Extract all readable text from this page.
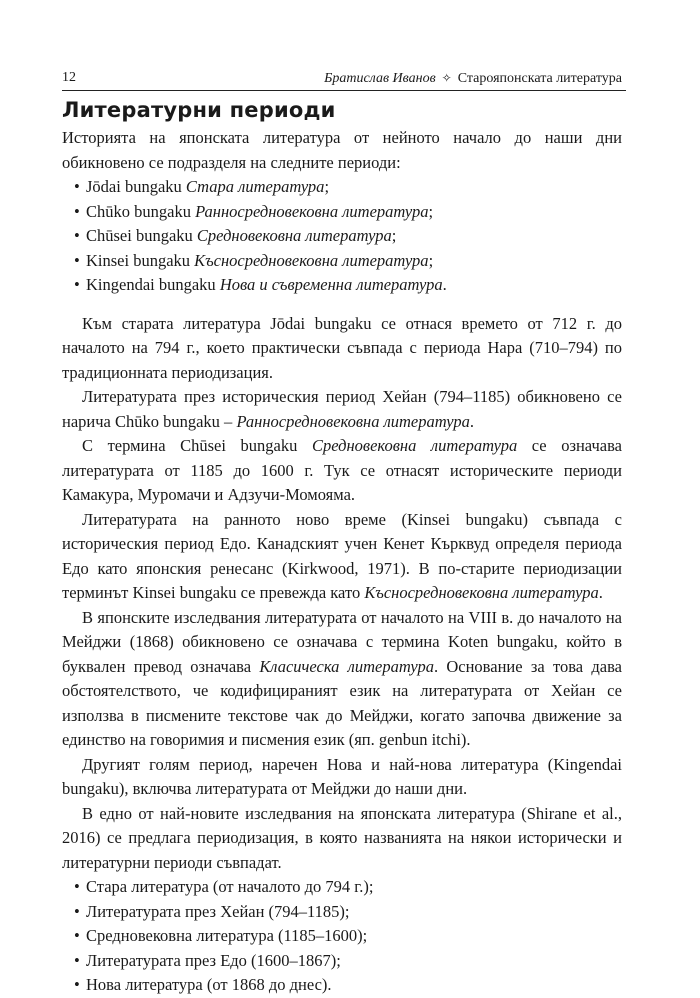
12	Братислав Иванов ✧ Старояпонската литература
Литературни периоди

Историята на японската литература от нейното начало до наши дни обикновено се подразделя на следните периоди:

• Jōdai bungaku Стара литература;
• Chūko bungaku Ранносредновековна литература;
• Chūsei bungaku Средновековна литература;
• Kinsei bungaku Късносредновековна литература;
• Kingendai bungaku Нова и съвременна литература.

Към старата литература Jōdai bungaku се отнася времето от 712 г. до началото на 794 г., което практически съвпада с периода Нара (710–794) по традиционната периодизация.

Литературата през историческия период Хейан (794–1185) обикновено се нарича Chūko bungaku – Ранносредновековна литература.

С термина Chūsei bungaku Средновековна литература се означава литературата от 1185 до 1600 г. Тук се отнасят историческите периоди Камакура, Муромачи и Адзучи-Момояма.

Литературата на ранното ново време (Kinsei bungaku) съвпада с историческия период Едо. Канадският учен Кенет Кърквуд определя периода Едо като японския ренесанс (Kirkwood, 1971). В по-старите периодизации терминът Kinsei bungaku се превежда като Късносредновековна литература.

В японските изследвания литературата от началото на VIII в. до началото на Мейджи (1868) обикновено се означава с термина Koten bungaku, който в буквален превод означава Класическа литература. Основание за това дава обстоятелството, че кодифицираният език на литературата от Хейан се използва в писмените текстове чак до Мейджи, когато започва движение за единство на говоримия и писмения език (яп. genbun itchi).

Другият голям период, наречен Нова и най-нова литература (Kingendai bungaku), включва литературата от Мейджи до наши дни.

В едно от най-новите изследвания на японската литература (Shirane et al., 2016) се предлага периодизация, в която названията на някои исторически и литературни периоди съвпадат.

• Стара литература (от началото до 794 г.);
• Литературата през Хейан (794–1185);
• Средновековна литература (1185–1600);
• Литературата през Едо (1600–1867);
• Нова литература (от 1868 до днес).
